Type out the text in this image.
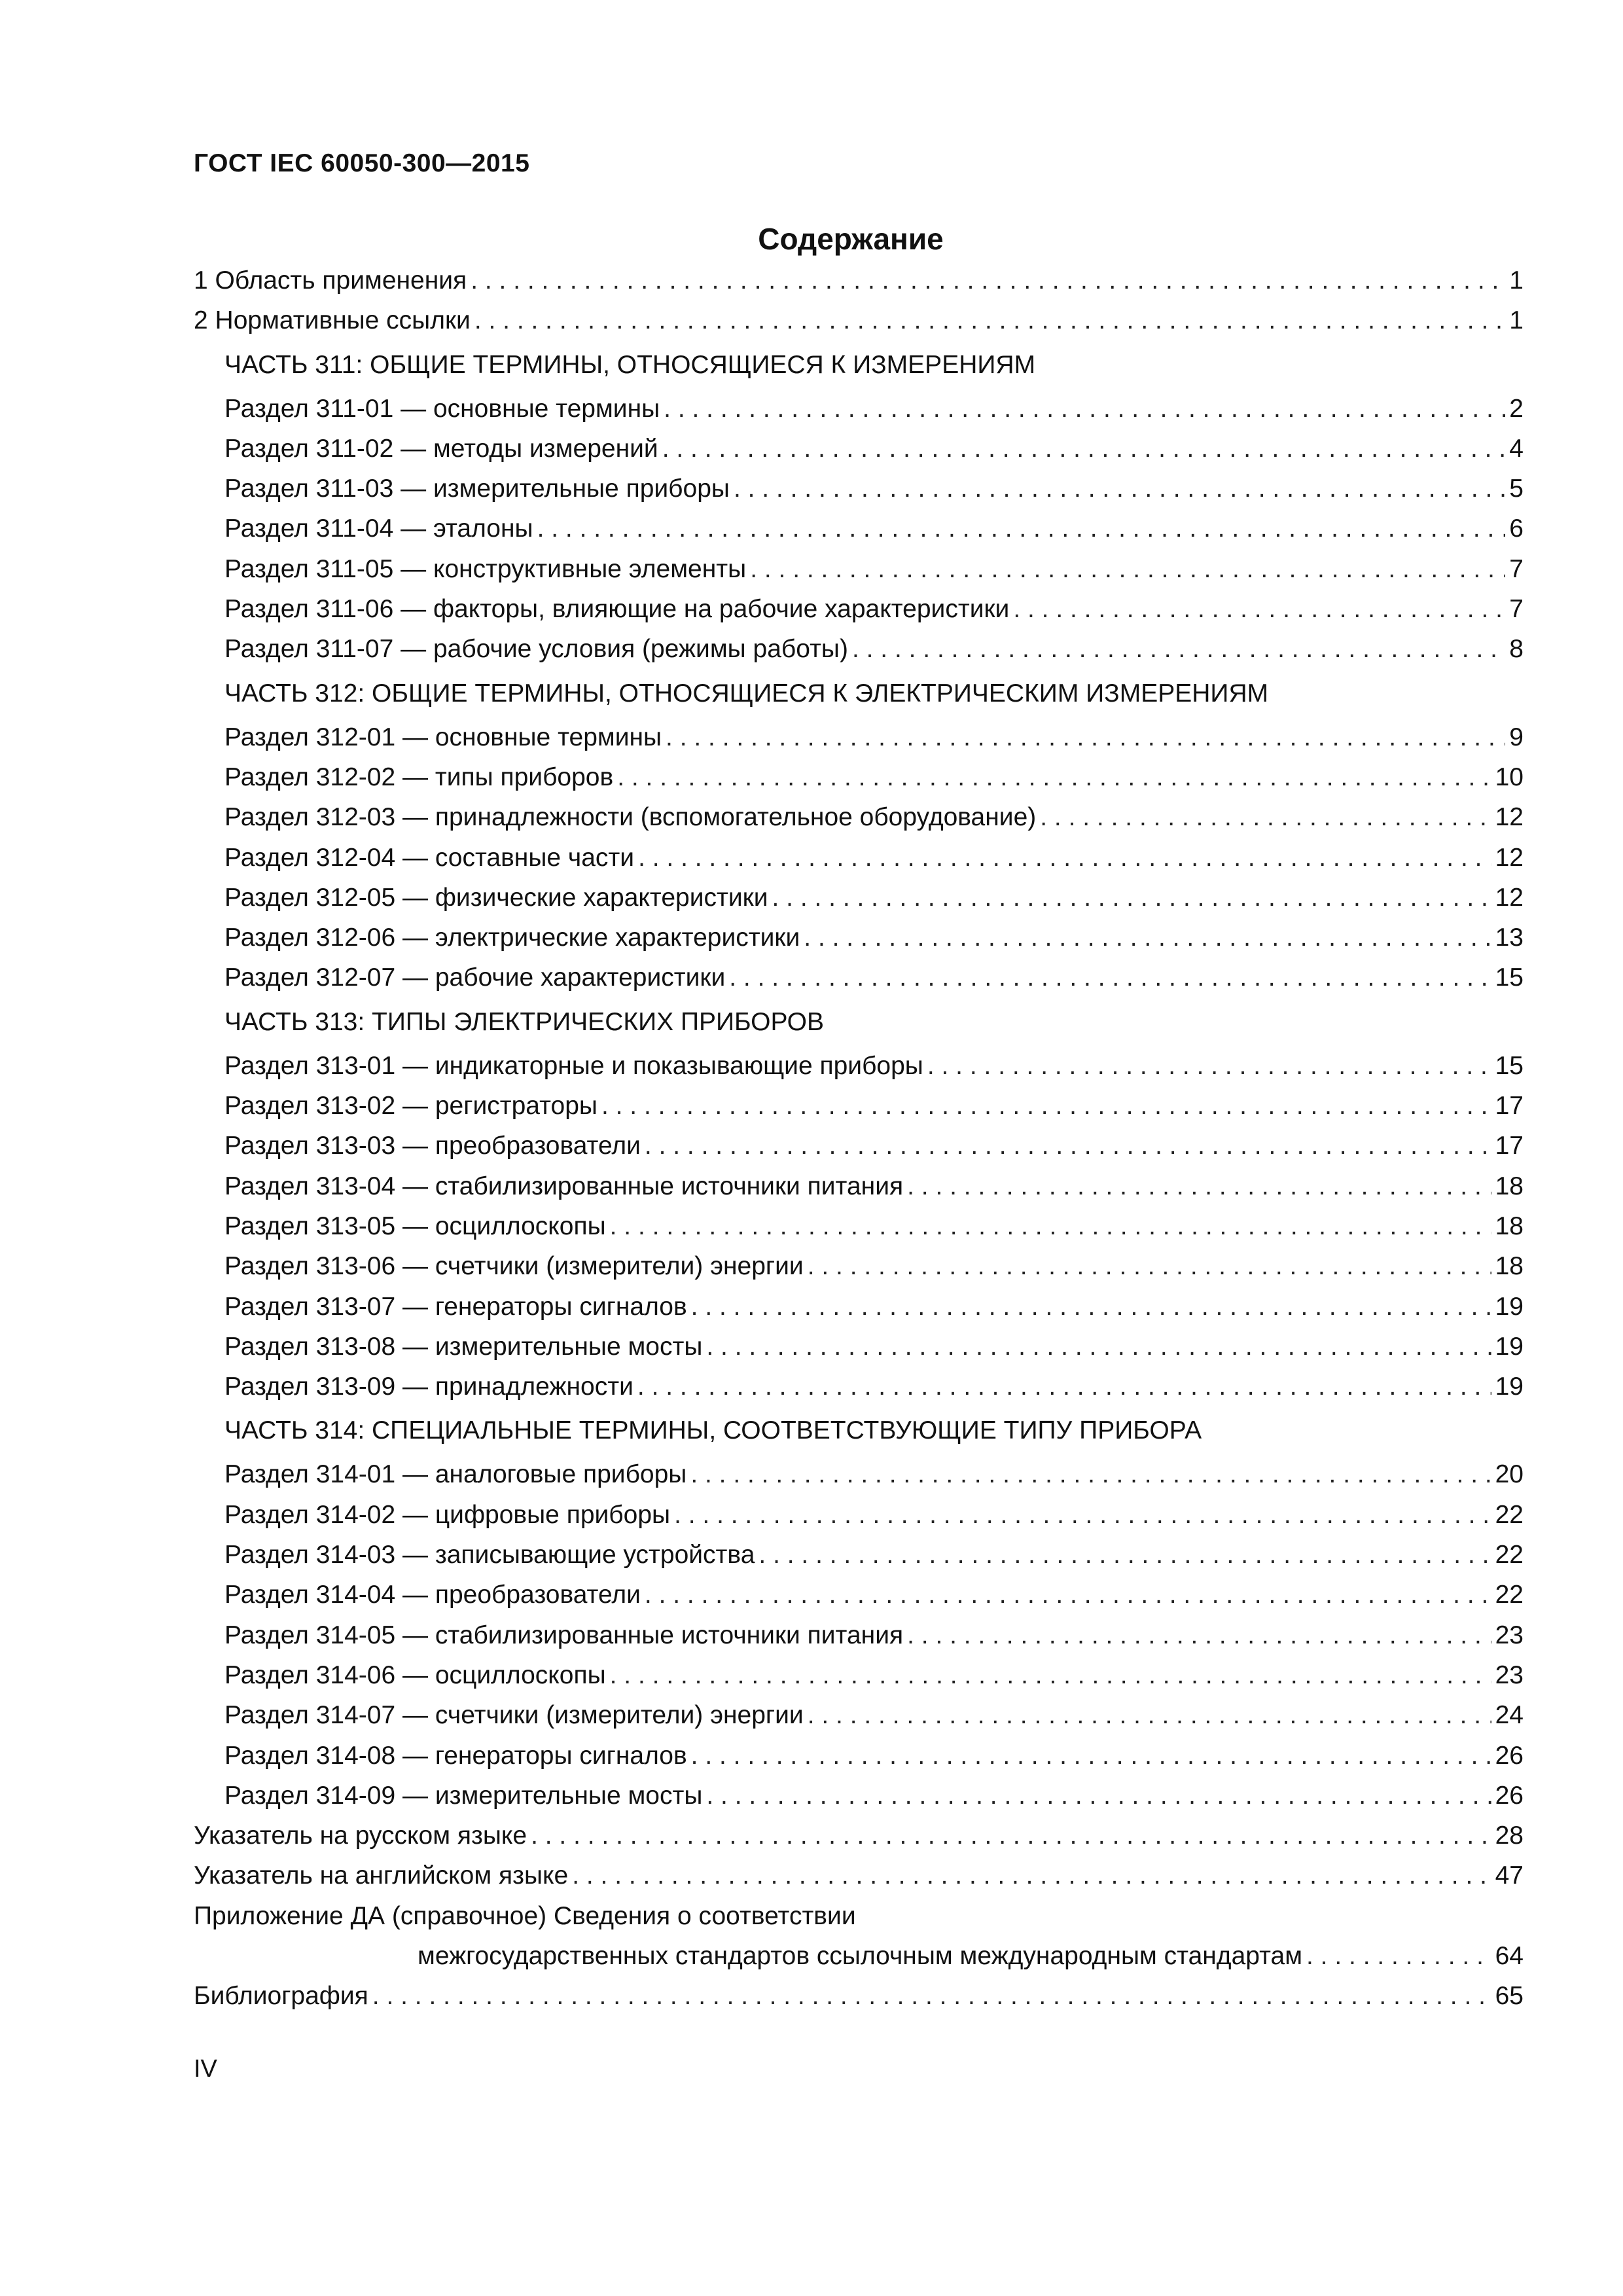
ГОСТ IEC 60050-300—2015
Содержание
1 Область применения . . .	1
2 Нормативные ссылки . . .	1
ЧАСТЬ 311: ОБЩИЕ ТЕРМИНЫ, ОТНОСЯЩИЕСЯ К ИЗМЕРЕНИЯМ
Раздел 311-01 — основные термины . . .	2
Раздел 311-02 — методы измерений . . .	4
Раздел 311-03 — измерительные приборы . . .	5
Раздел 311-04 — эталоны . . .	6
Раздел 311-05 — конструктивные элементы . . .	7
Раздел 311-06 — факторы, влияющие на рабочие характеристики . . .	7
Раздел 311-07 — рабочие условия (режимы работы) . . .	8
ЧАСТЬ 312: ОБЩИЕ ТЕРМИНЫ, ОТНОСЯЩИЕСЯ К ЭЛЕКТРИЧЕСКИМ ИЗМЕРЕНИЯМ
Раздел 312-01 — основные термины . . .	9
Раздел 312-02 — типы приборов . . .	10
Раздел 312-03 — принадлежности (вспомогательное оборудование) . . .	12
Раздел 312-04 — составные части . . .	12
Раздел 312-05 — физические характеристики . . .	12
Раздел 312-06 — электрические характеристики . . .	13
Раздел 312-07 — рабочие характеристики . . .	15
ЧАСТЬ 313: ТИПЫ ЭЛЕКТРИЧЕСКИХ ПРИБОРОВ
Раздел 313-01 — индикаторные и показывающие приборы . . .	15
Раздел 313-02 — регистраторы . . .	17
Раздел 313-03 — преобразователи . . .	17
Раздел 313-04 — стабилизированные источники питания . . .	18
Раздел 313-05 — осциллоскопы . . .	18
Раздел 313-06 — счетчики (измерители) энергии . . .	18
Раздел 313-07 — генераторы сигналов . . .	19
Раздел 313-08 — измерительные мосты . . .	19
Раздел 313-09 — принадлежности . . .	19
ЧАСТЬ 314: СПЕЦИАЛЬНЫЕ ТЕРМИНЫ, СООТВЕТСТВУЮЩИЕ ТИПУ ПРИБОРА
Раздел 314-01 — аналоговые приборы . . .	20
Раздел 314-02 — цифровые приборы . . .	22
Раздел 314-03 — записывающие устройства . . .	22
Раздел 314-04 — преобразователи . . .	22
Раздел 314-05 — стабилизированные источники питания . . .	23
Раздел 314-06 — осциллоскопы . . .	23
Раздел 314-07 — счетчики (измерители) энергии . . .	24
Раздел 314-08 — генераторы сигналов . . .	26
Раздел 314-09 — измерительные мосты . . .	26
Указатель на русском языке . . .	28
Указатель на английском языке . . .	47
Приложение ДА (справочное) Сведения о соответствии
межгосударственных стандартов ссылочным международным стандартам . . .	64
Библиография . . .	65
IV
